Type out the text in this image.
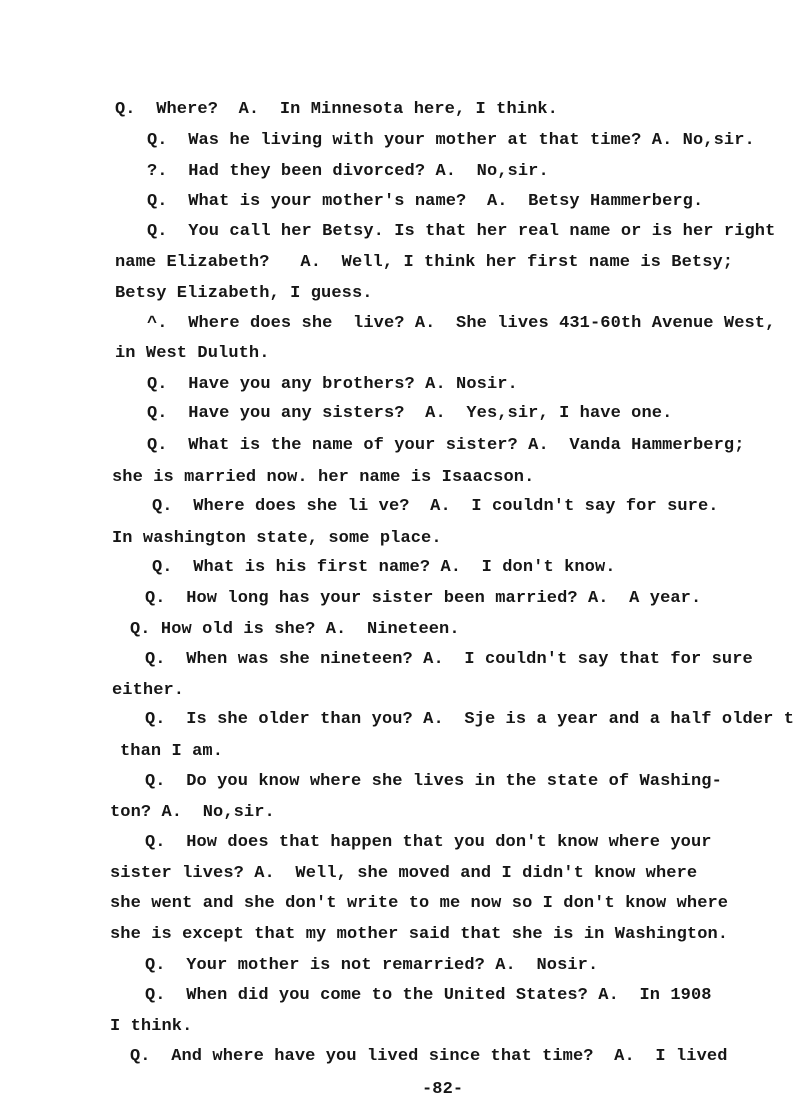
Q.  Where?  A.  In Minnesota here, I think.
Q.  Was he living with your mother at that time? A. No,sir.
?.  Had they been divorced? A.  No,sir.
Q.  What is your mother's name?  A.  Betsy Hammerberg.
Q.  You call her Betsy. Is that her real name or is her right
name Elizabeth?   A.  Well, I think her first name is Betsy;
Betsy Elizabeth, I guess.
^.  Where does she  live? A.  She lives 431-60th Avenue West,
in West Duluth.
Q.  Have you any brothers? A. Nosir.
Q.  Have you any sisters?  A.  Yes,sir, I have one.
Q.  What is the name of your sister? A.  Vanda Hammerberg;
she is married now. her name is Isaacson.
Q.  Where does she li ve?  A.  I couldn't say for sure.
In washington state, some place.
Q.  What is his first name? A.  I don't know.
Q.  How long has your sister been married? A.  A year.
Q. How old is she? A.  Nineteen.
Q.  When was she nineteen? A.  I couldn't say that for sure
either.
Q.  Is she older than you? A.  Sje is a year and a half older t
than I am.
Q.  Do you know where she lives in the state of Washing-
ton? A.  No,sir.
Q.  How does that happen that you don't know where your
sister lives? A.  Well, she moved and I didn't know where
she went and she don't write to me now so I don't know where
she is except that my mother said that she is in Washington.
Q.  Your mother is not remarried? A.  Nosir.
Q.  When did you come to the United States? A.  In 1908
I think.
Q.  And where have you lived since that time?  A.  I lived
-82-
